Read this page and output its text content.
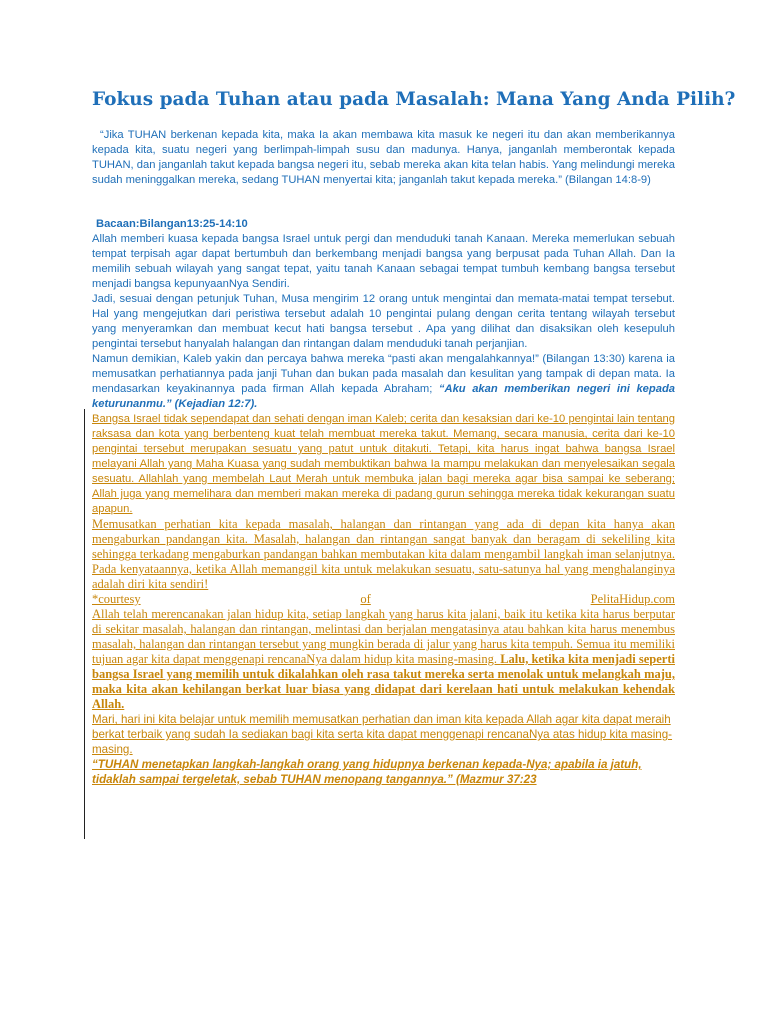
Fokus pada Tuhan atau pada Masalah: Mana Yang Anda Pilih?

“Jika TUHAN berkenan kepada kita, maka Ia akan membawa kita masuk ke negeri itu dan akan memberikannya kepada kita, suatu negeri yang berlimpah-limpah susu dan madunya. Hanya, janganlah memberontak kepada TUHAN, dan janganlah takut kepada bangsa negeri itu, sebab mereka akan kita telan habis. Yang melindungi mereka sudah meninggalkan mereka, sedang TUHAN menyertai kita; janganlah takut kepada mereka.” (Bilangan 14:8-9)

Bacaan:Bilangan13:25-14:10

Allah memberi kuasa kepada bangsa Israel untuk pergi dan menduduki tanah Kanaan. Mereka memerlukan sebuah tempat terpisah agar dapat bertumbuh dan berkembang menjadi bangsa yang berpusat pada Tuhan Allah. Dan Ia memilih sebuah wilayah yang sangat tepat, yaitu tanah Kanaan sebagai tempat tumbuh kembang bangsa tersebut menjadi bangsa kepunyaanNya Sendiri.

Jadi, sesuai dengan petunjuk Tuhan, Musa mengirim 12 orang untuk mengintai dan memata-matai tempat tersebut. Hal yang mengejutkan dari peristiwa tersebut adalah 10 pengintai pulang dengan cerita tentang wilayah tersebut yang menyeramkan dan membuat kecut hati bangsa tersebut . Apa yang dilihat dan disaksikan oleh kesepuluh pengintai tersebut hanyalah halangan dan rintangan dalam menduduki tanah perjanjian.

Namun demikian, Kaleb yakin dan percaya bahwa mereka “pasti akan mengalahkannya!” (Bilangan 13:30) karena ia memusatkan perhatiannya pada janji Tuhan dan bukan pada masalah dan kesulitan yang tampak di depan mata. Ia mendasarkan keyakinannya pada firman Allah kepada Abraham; “Aku akan memberikan negeri ini kepada keturunanmu.” (Kejadian 12:7).

Bangsa Israel tidak sependapat dan sehati dengan iman Kaleb; cerita dan kesaksian dari ke-10 pengintai lain tentang raksasa dan kota yang berbenteng kuat telah membuat mereka takut. Memang, secara manusia, cerita dari ke-10 pengintai tersebut merupakan sesuatu yang patut untuk ditakuti. Tetapi, kita harus ingat bahwa bangsa Israel melayani Allah yang Maha Kuasa yang sudah membuktikan bahwa Ia mampu melakukan dan menyelesaikan segala sesuatu. Allahlah yang membelah Laut Merah untuk membuka jalan bagi mereka agar bisa sampai ke seberang; Allah juga yang memelihara dan memberi makan mereka di padang gurun sehingga mereka tidak kekurangan suatu apapun.

Memusatkan perhatian kita kepada masalah, halangan dan rintangan yang ada di depan kita hanya akan mengaburkan pandangan kita. Masalah, halangan dan rintangan sangat banyak dan beragam di sekeliling kita sehingga terkadang mengaburkan pandangan bahkan membutakan kita dalam mengambil langkah iman selanjutnya. Pada kenyataannya, ketika Allah memanggil kita untuk melakukan sesuatu, satu-satunya hal yang menghalanginya adalah diri kita sendiri!

*courtesy	of	PelitaHidup.com

Allah telah merencanakan jalan hidup kita, setiap langkah yang harus kita jalani, baik itu ketika kita harus berputar di sekitar masalah, halangan dan rintangan, melintasi dan berjalan mengatasinya atau bahkan kita harus menembus masalah, halangan dan rintangan tersebut yang mungkin berada di jalur yang harus kita tempuh. Semua itu memiliki tujuan agar kita dapat menggenapi rencanaNya dalam hidup kita masing-masing. Lalu, ketika kita menjadi seperti bangsa Israel yang memilih untuk dikalahkan oleh rasa takut mereka serta menolak untuk melangkah maju, maka kita akan kehilangan berkat luar biasa yang didapat dari kerelaan hati untuk melakukan kehendak Allah.

Mari, hari ini kita belajar untuk memilih memusatkan perhatian dan iman kita kepada Allah agar kita dapat meraih berkat terbaik yang sudah Ia sediakan bagi kita serta kita dapat menggenapi rencanaNya atas hidup kita masing-masing.

“TUHAN menetapkan langkah-langkah orang yang hidupnya berkenan kepada-Nya; apabila ia jatuh, tidaklah sampai tergeletak, sebab TUHAN menopang tangannya.” (Mazmur 37:23
